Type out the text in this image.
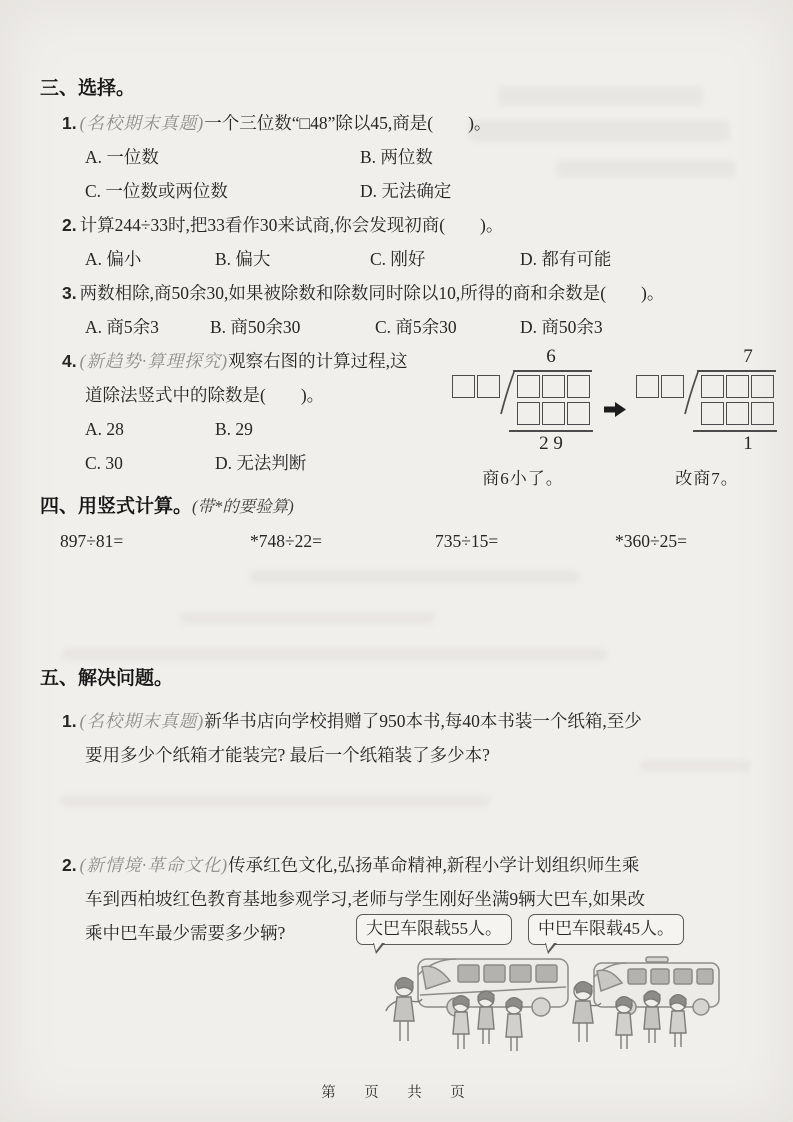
三、选择。
1. (名校期末真题)一个三位数“□48”除以45,商是(　　)。
A. 一位数	B. 两位数
C. 一位数或两位数	D. 无法确定
2. 计算244÷33时,把33看作30来试商,你会发现初商(　　)。
A. 偏小	B. 偏大	C. 刚好	D. 都有可能
3. 两数相除,商50余30,如果被除数和除数同时除以10,所得的商和余数是(　　)。
A. 商5余3	B. 商50余30	C. 商5余30	D. 商50余3
4. (新趋势·算理探究)观察右图的计算过程,这
道除法竖式中的除数是(　　)。
A. 28	B. 29
C. 30	D. 无法判断
四、用竖式计算。(带*的要验算)
897÷81=	*748÷22=	735÷15=	*360÷25=
五、解决问题。
1. (名校期末真题)新华书店向学校捐赠了950本书,每40本书装一个纸箱,至少
要用多少个纸箱才能装完? 最后一个纸箱装了多少本?
2. (新情境·革命文化)传承红色文化,弘扬革命精神,新程小学计划组织师生乘
车到西柏坡红色教育基地参观学习,老师与学生刚好坐满9辆大巴车,如果改
乘中巴车最少需要多少辆?
6
2 9
商6小了。
7
1
改商7。
大巴车限载55人。	中巴车限载45人。
第　页　共　页
